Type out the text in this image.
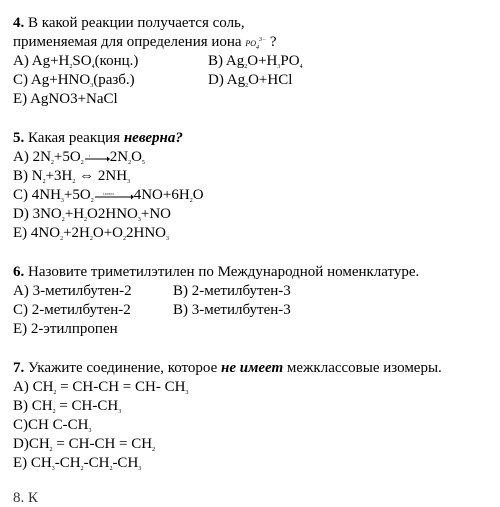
4. В какой реакции получается соль,
применяемая для определения иона $PO_4^{3-}$ ?
A) $Ag+H_2SO_4(конц.)$	B) $Ag_2O+H_3PO_4$
C) $Ag+HNO_3(разб.)$	D) $Ag_2O+HCl$
E) AgNO3+NaCl
5. Какая реакция неверна?
A) $2N_2+5O_2$
t $2N_2O_5$
B) $N_2+3H_2$ ⇔ $2NH_3$
C) $4NH_3+5O_2$
t,катал $4NO+6H_2O$
D) $3NO_2+H_2O2HNO_3+NO$
E) $4NO_2+2H_2O+O_22HNO_3$
6. Назовите триметилэтилен по Международной номенклатуре.
A) 3-метилбутен-2	B) 2-метилбутен-3
C) 2-метилбутен-2	B) 3-метилбутен-3
E) 2-этилпропен
7. Укажите соединение, которое не имеет межклассовые изомеры.
A) $CH_2 = CH-CH = CH-$ $CH_3$
B) $CH_2 = CH-CH_3$
C)CH $C-CH_3$
$D)CH_2 = CH-CH = CH_2$
E) $CH_3-CH_2-CH_2-CH_3$
8. К
